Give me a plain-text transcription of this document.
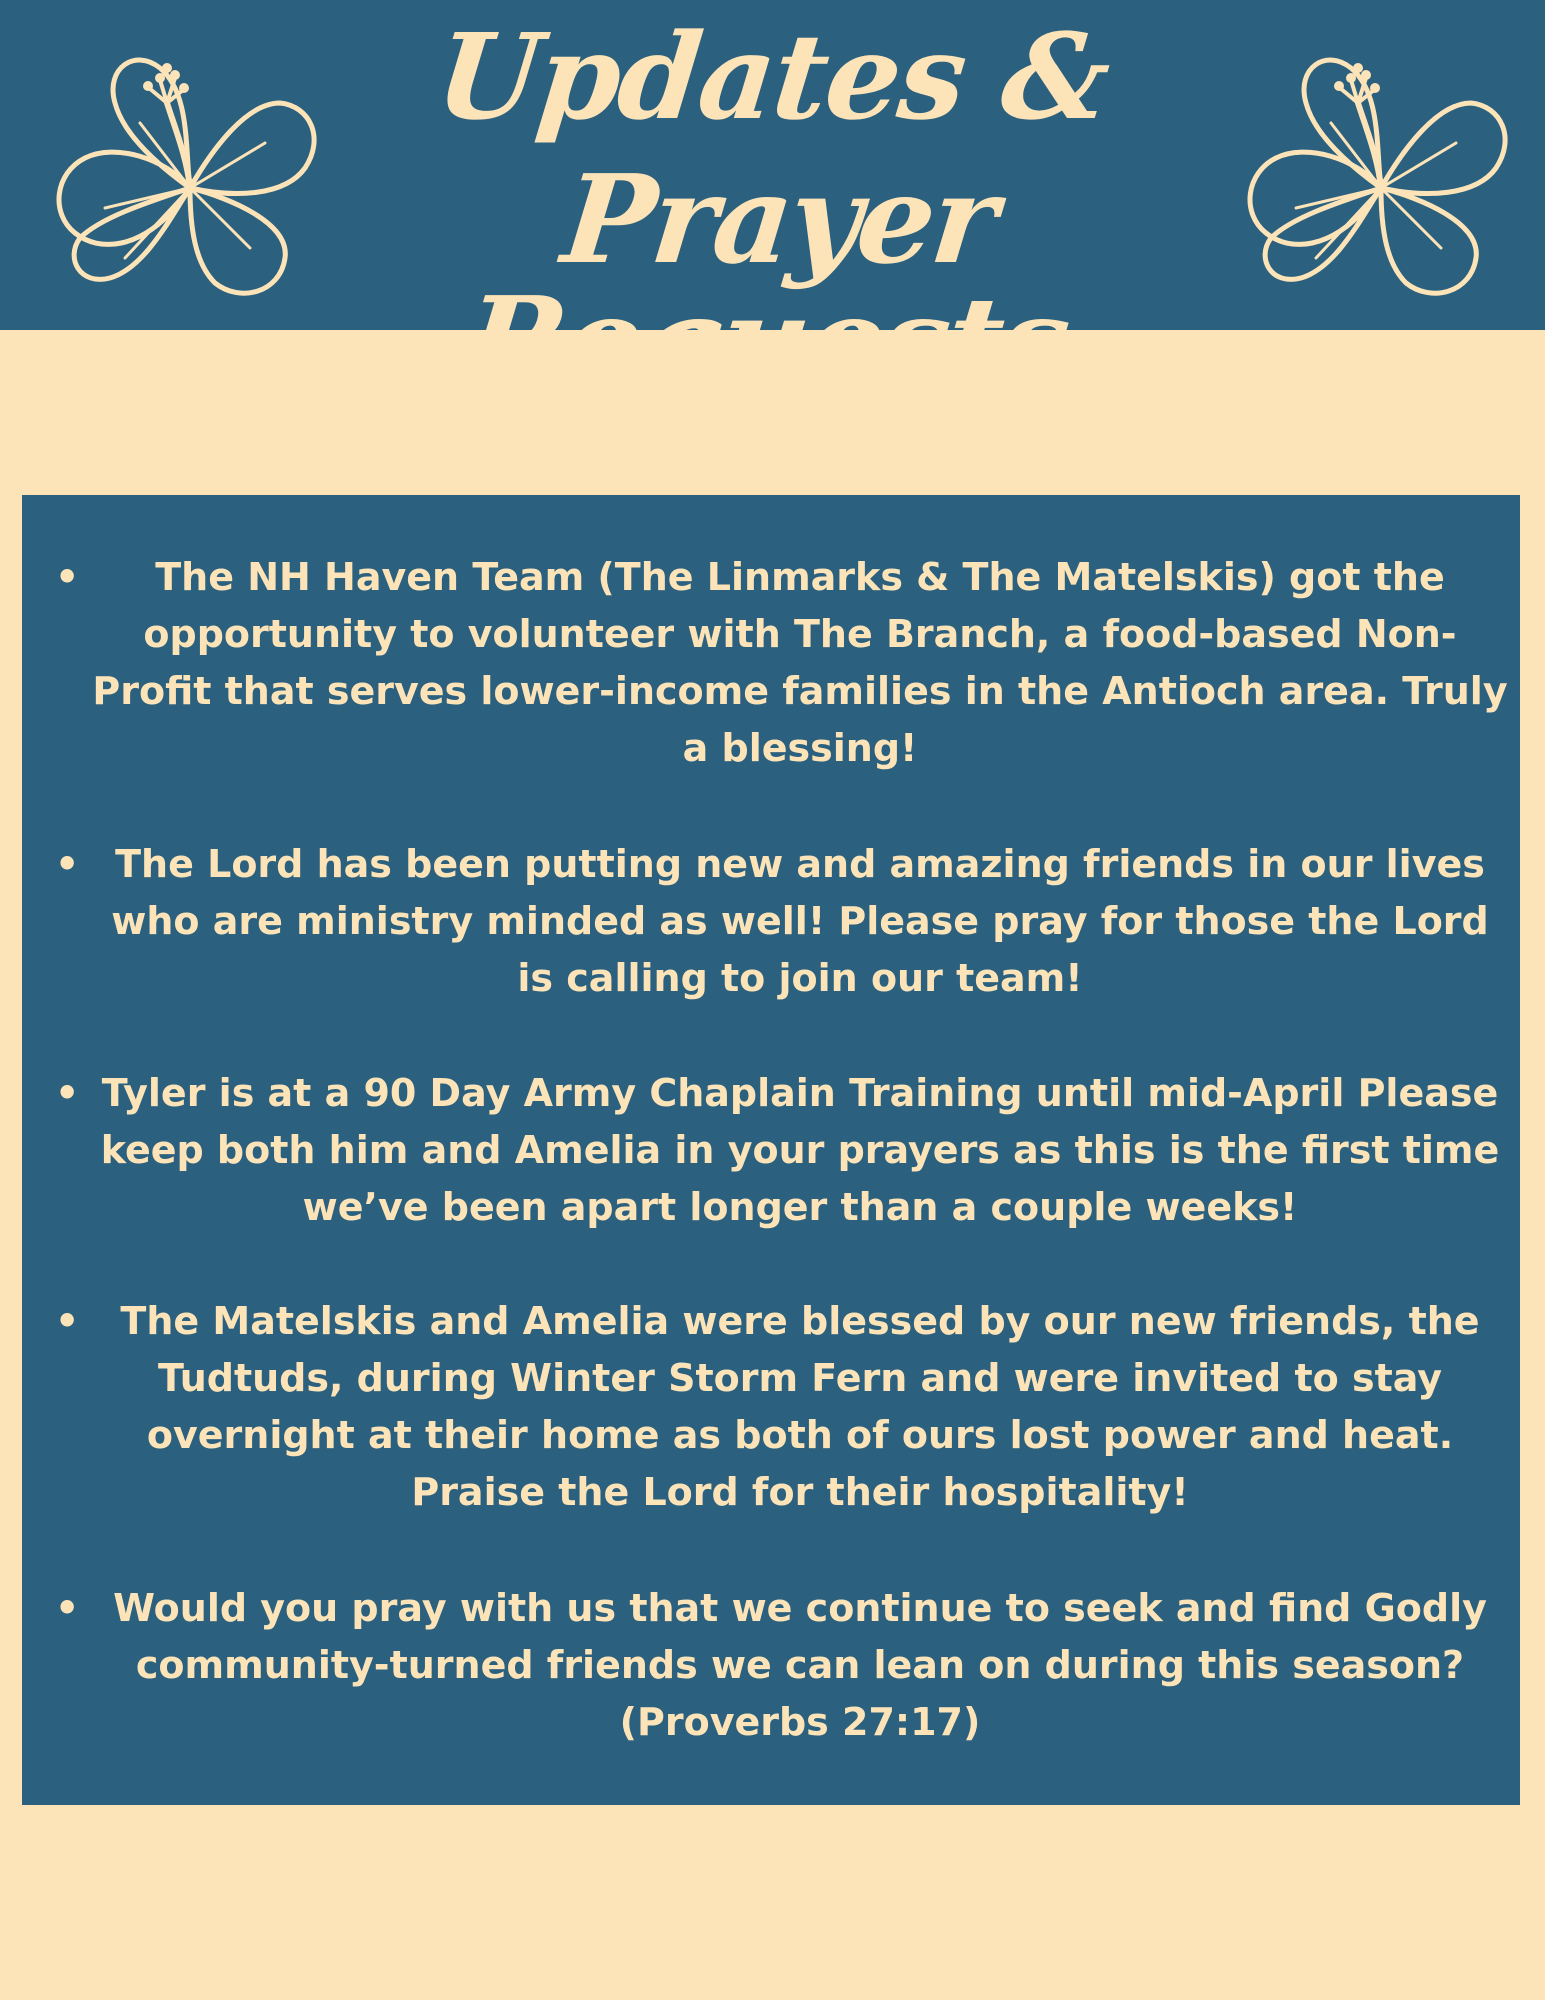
Updates &
Prayer Requests
•	The NH Haven Team (The Linmarks & The Matelskis) got the opportunity to volunteer with The Branch, a food-based Non-Profit that serves lower-income families in the Antioch area. Truly a blessing!
• The Lord has been putting new and amazing friends in our lives who are ministry minded as well! Please pray for those the Lord is calling to join our team!
• Tyler is at a 90 Day Army Chaplain Training until mid-April Please keep both him and Amelia in your prayers as this is the first time we’ve been apart longer than a couple weeks!
•	The Matelskis and Amelia were blessed by our new friends, the Tudtuds, during Winter Storm Fern and were invited to stay overnight at their home as both of ours lost power and heat. Praise the Lord for their hospitality!
• Would you pray with us that we continue to seek and find Godly community-turned friends we can lean on during this season? (Proverbs 27:17)
